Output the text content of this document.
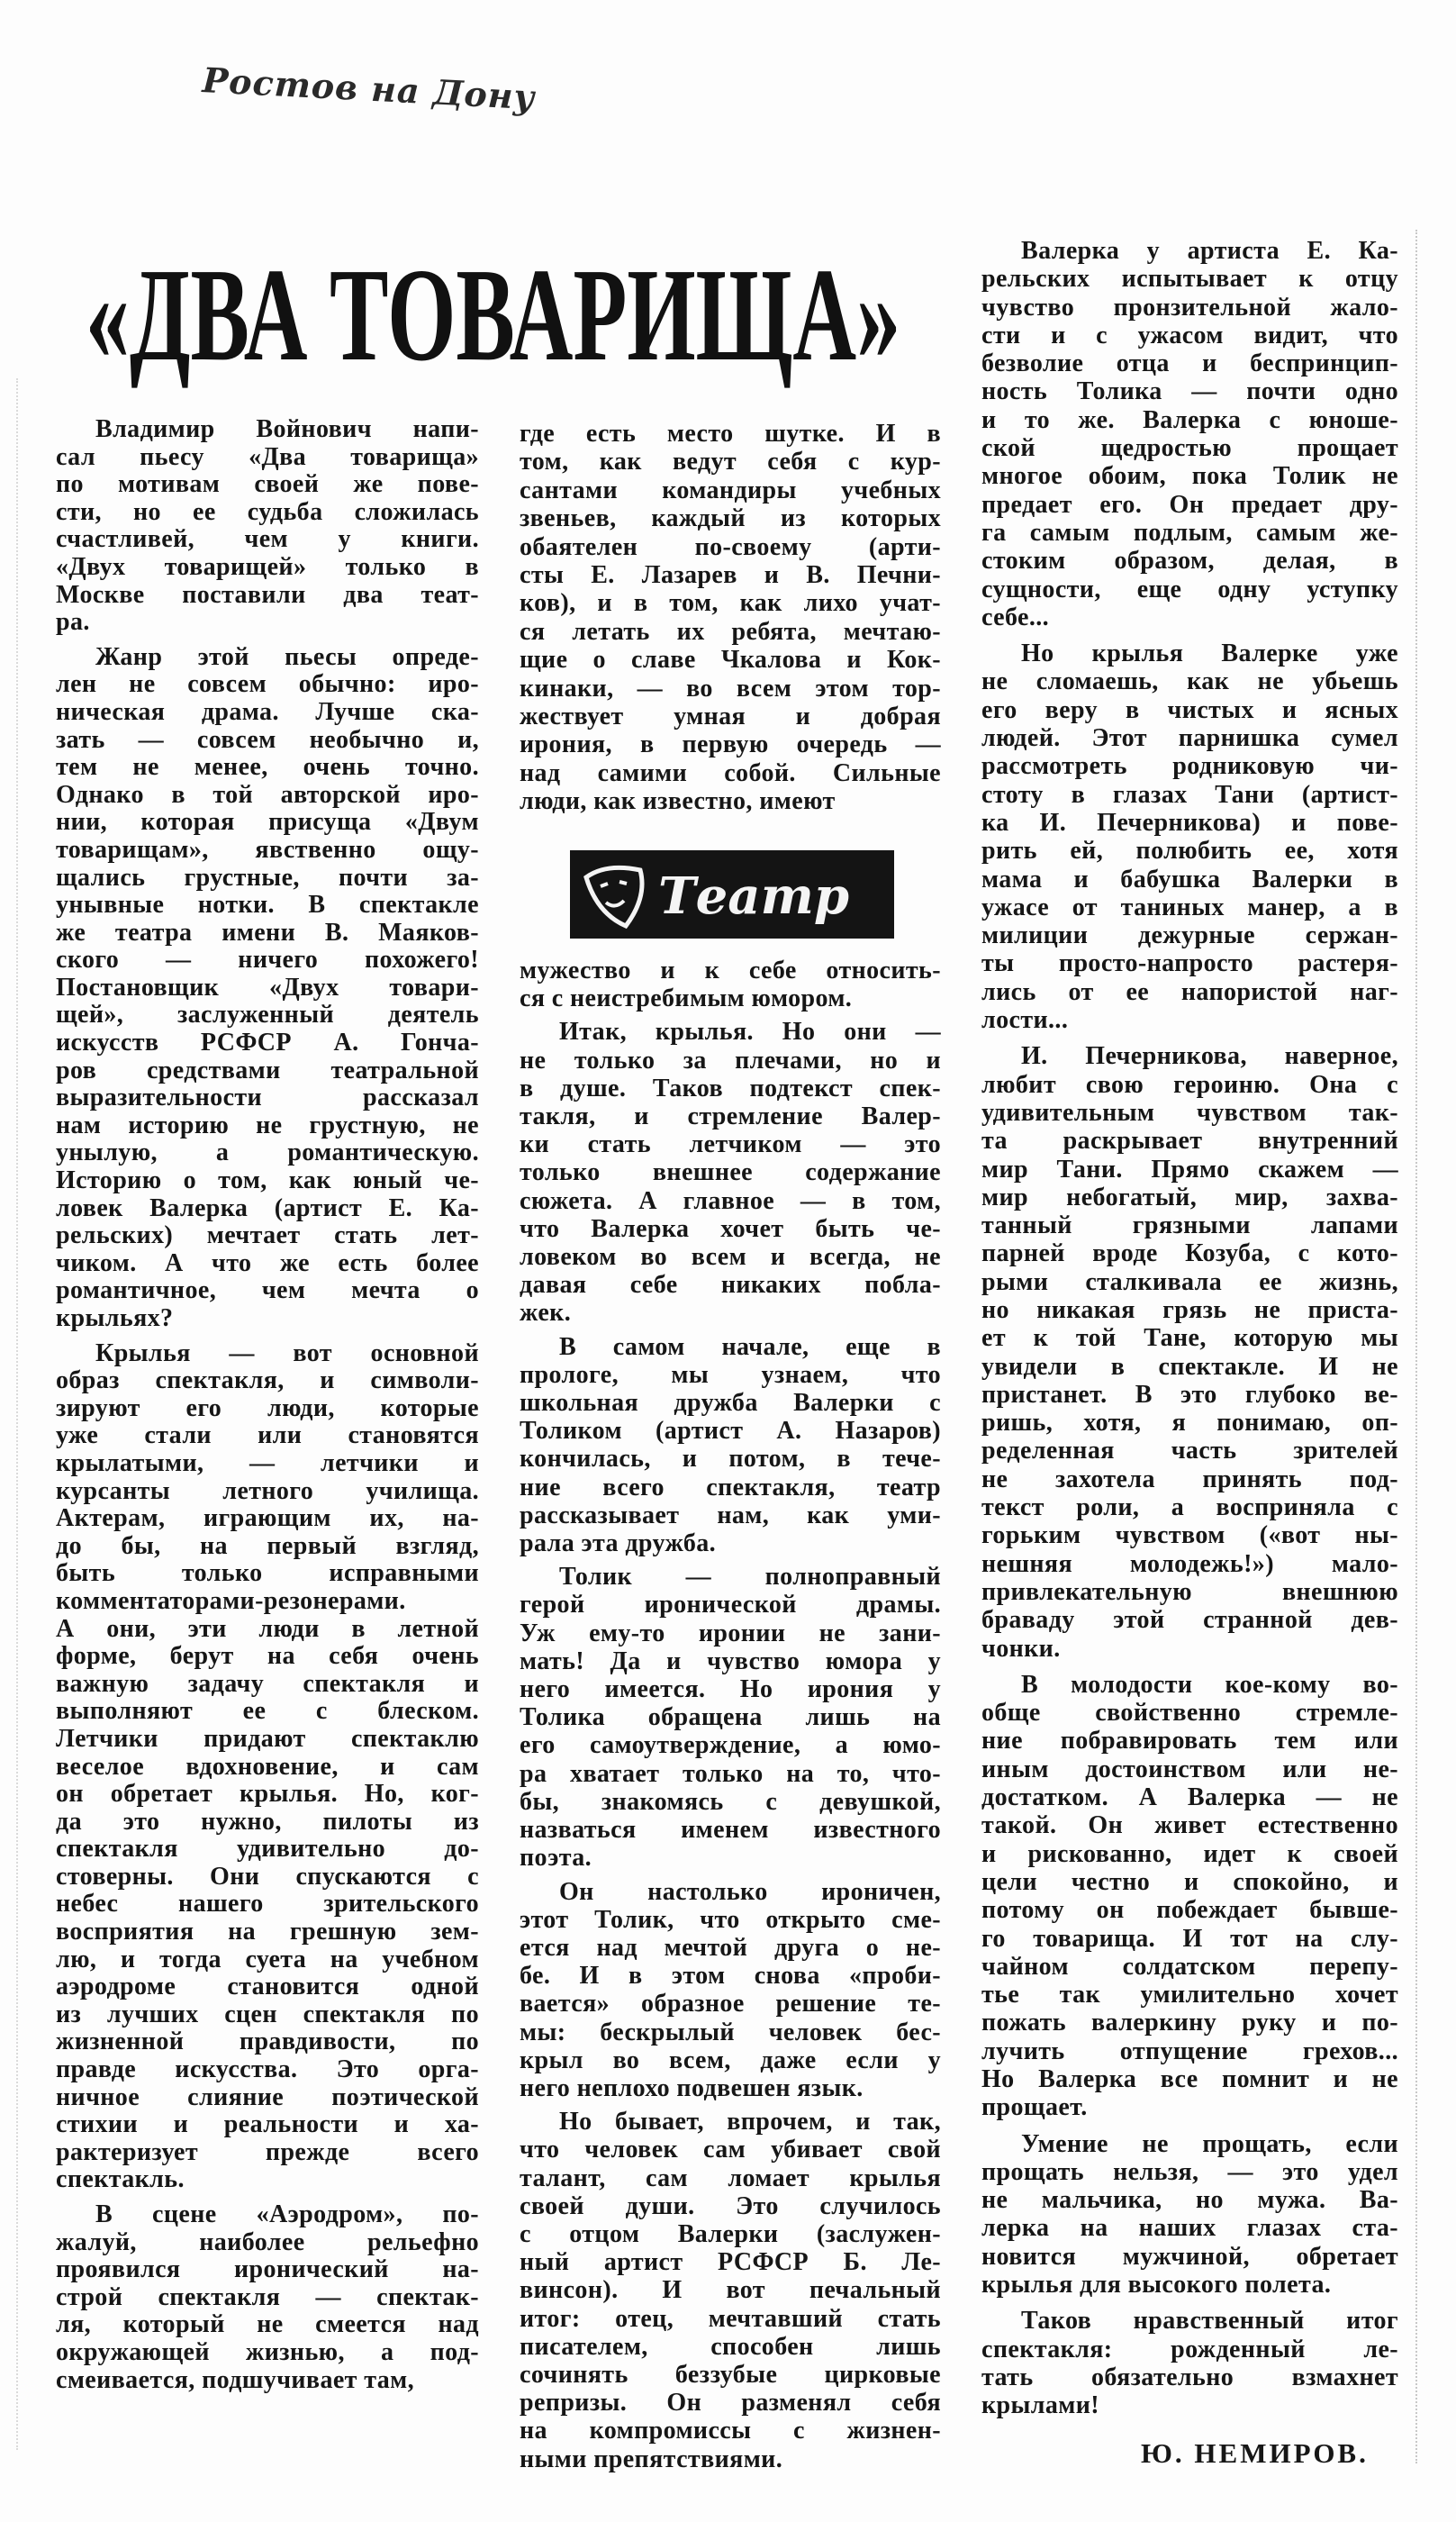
Ростов на Дону
«ДВА ТОВАРИЩА»
Владимир Войнович напи-
сал пьесу «Два товарища»
по мотивам своей же пове-
сти, но ее судьба сложилась
счастливей, чем у книги.
«Двух товарищей» только в
Москве поставили два теат-
ра.
Жанр этой пьесы опреде-
лен не совсем обычно: иро-
ническая драма. Лучше ска-
зать — совсем необычно и,
тем не менее, очень точно.
Однако в той авторской иро-
нии, которая присуща «Двум
товарищам», явственно ощу-
щались грустные, почти за-
унывные нотки. В спектакле
же театра имени В. Маяков-
ского — ничего похожего!
Постановщик «Двух товари-
щей», заслуженный деятель
искусств РСФСР А. Гонча-
ров средствами театральной
выразительности рассказал
нам историю не грустную, не
унылую, а романтическую.
Историю о том, как юный че-
ловек Валерка (артист Е. Ка-
рельских) мечтает стать лет-
чиком. А что же есть более
романтичное, чем мечта о
крыльях?
Крылья — вот основной
образ спектакля, и символи-
зируют его люди, которые
уже стали или становятся
крылатыми, — летчики и
курсанты летного училища.
Актерам, играющим их, на-
до бы, на первый взгляд,
быть только исправными
комментаторами-резонерами.
А они, эти люди в летной
форме, берут на себя очень
важную задачу спектакля и
выполняют ее с блеском.
Летчики придают спектаклю
веселое вдохновение, и сам
он обретает крылья. Но, ког-
да это нужно, пилоты из
спектакля удивительно до-
стоверны. Они спускаются с
небес нашего зрительского
восприятия на грешную зем-
лю, и тогда суета на учебном
аэродроме становится одной
из лучших сцен спектакля по
жизненной правдивости, по
правде искусства. Это орга-
ничное слияние поэтической
стихии и реальности и ха-
рактеризует прежде всего
спектакль.
В сцене «Аэродром», по-
жалуй, наиболее рельефно
проявился иронический на-
строй спектакля — спектак-
ля, который не смеется над
окружающей жизнью, а под-
смеивается, подшучивает там,
где есть место шутке. И в
том, как ведут себя с кур-
сантами командиры учебных
звеньев, каждый из которых
обаятелен по-своему (арти-
сты Е. Лазарев и В. Печни-
ков), и в том, как лихо учат-
ся летать их ребята, мечтаю-
щие о славе Чкалова и Кок-
кинаки, — во всем этом тор-
жествует умная и добрая
ирония, в первую очередь —
над самими собой. Сильные
люди, как известно, имеют
Театр
мужество и к себе относить-
ся с неистребимым юмором.
Итак, крылья. Но они —
не только за плечами, но и
в душе. Таков подтекст спек-
такля, и стремление Валер-
ки стать летчиком — это
только внешнее содержание
сюжета. А главное — в том,
что Валерка хочет быть че-
ловеком во всем и всегда, не
давая себе никаких побла-
жек.
В самом начале, еще в
прологе, мы узнаем, что
школьная дружба Валерки с
Толиком (артист А. Назаров)
кончилась, и потом, в тече-
ние всего спектакля, театр
рассказывает нам, как уми-
рала эта дружба.
Толик — полноправный
герой иронической драмы.
Уж ему-то иронии не зани-
мать! Да и чувство юмора у
него имеется. Но ирония у
Толика обращена лишь на
его самоутверждение, а юмо-
ра хватает только на то, что-
бы, знакомясь с девушкой,
назваться именем известного
поэта.
Он настолько ироничен,
этот Толик, что открыто сме-
ется над мечтой друга о не-
бе. И в этом снова «проби-
вается» образное решение те-
мы: бескрылый человек бес-
крыл во всем, даже если у
него неплохо подвешен язык.
Но бывает, впрочем, и так,
что человек сам убивает свой
талант, сам ломает крылья
своей души. Это случилось
с отцом Валерки (заслужен-
ный артист РСФСР Б. Ле-
винсон). И вот печальный
итог: отец, мечтавший стать
писателем, способен лишь
сочинять беззубые цирковые
репризы. Он разменял себя
на компромиссы с жизнен-
ными препятствиями.
Валерка у артиста Е. Ка-
рельских испытывает к отцу
чувство пронзительной жало-
сти и с ужасом видит, что
безволие отца и беспринцип-
ность Толика — почти одно
и то же. Валерка с юноше-
ской щедростью прощает
многое обоим, пока Толик не
предает его. Он предает дру-
га самым подлым, самым же-
стоким образом, делая, в
сущности, еще одну уступку
себе...
Но крылья Валерке уже
не сломаешь, как не убьешь
его веру в чистых и ясных
людей. Этот парнишка сумел
рассмотреть родниковую чи-
стоту в глазах Тани (артист-
ка И. Печерникова) и пове-
рить ей, полюбить ее, хотя
мама и бабушка Валерки в
ужасе от таниных манер, а в
милиции дежурные сержан-
ты просто-напросто растеря-
лись от ее напористой наг-
лости...
И. Печерникова, наверное,
любит свою героиню. Она с
удивительным чувством так-
та раскрывает внутренний
мир Тани. Прямо скажем —
мир небогатый, мир, захва-
танный грязными лапами
парней вроде Козуба, с кото-
рыми сталкивала ее жизнь,
но никакая грязь не приста-
ет к той Тане, которую мы
увидели в спектакле. И не
пристанет. В это глубоко ве-
ришь, хотя, я понимаю, оп-
ределенная часть зрителей
не захотела принять под-
текст роли, а восприняла с
горьким чувством («вот ны-
нешняя молодежь!») мало-
привлекательную внешнюю
браваду этой странной дев-
чонки.
В молодости кое-кому во-
обще свойственно стремле-
ние побравировать тем или
иным достоинством или не-
достатком. А Валерка — не
такой. Он живет естественно
и рискованно, идет к своей
цели честно и спокойно, и
потому он побеждает бывше-
го товарища. И тот на слу-
чайном солдатском перепу-
тье так умилительно хочет
пожать валеркину руку и по-
лучить отпущение грехов...
Но Валерка все помнит и не
прощает.
Умение не прощать, если
прощать нельзя, — это удел
не мальчика, но мужа. Ва-
лерка на наших глазах ста-
новится мужчиной, обретает
крылья для высокого полета.
Таков нравственный итог
спектакля: рожденный ле-
тать обязательно взмахнет
крылами!
Ю. НЕМИРОВ.
